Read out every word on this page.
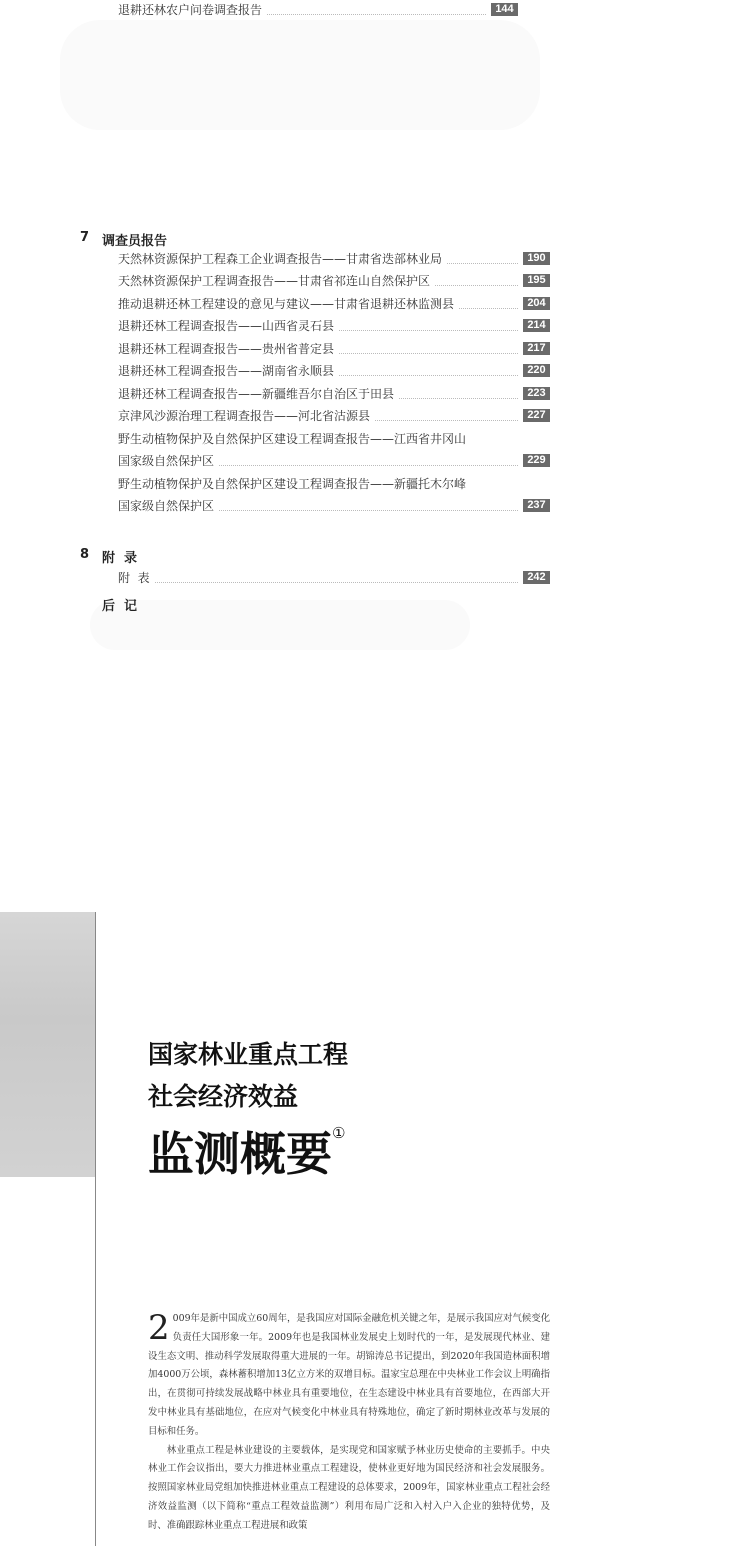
退耕还林农户问卷调查报告	144
7 调查员报告
天然林资源保护工程森工企业调查报告——甘肃省迭部林业局	190
天然林资源保护工程调查报告——甘肃省祁连山自然保护区	195
推动退耕还林工程建设的意见与建议——甘肃省退耕还林监测县	204
退耕还林工程调查报告——山西省灵石县	214
退耕还林工程调查报告——贵州省普定县	217
退耕还林工程调查报告——湖南省永顺县	220
退耕还林工程调查报告——新疆维吾尔自治区于田县	223
京津风沙源治理工程调查报告——河北省沽源县	227
野生动植物保护及自然保护区建设工程调查报告——江西省井冈山
国家级自然保护区	229
野生动植物保护及自然保护区建设工程调查报告——新疆托木尔峰
国家级自然保护区	237
8 附  录
附  表	242
后  记
国家林业重点工程
社会经济效益
监测概要①

2 009年是新中国成立60周年，是我国应对国际金融危机关键之年，是展示我国应对气候变化负责任大国形象一年。2009年也是我国林业发展史上划时代的一年，是发展现代林业、建设生态文明、推动科学发展取得重大进展的一年。胡锦涛总书记提出，到2020年我国造林面积增加4000万公顷，森林蓄积增加13亿立方米的双增目标。温家宝总理在中央林业工作会议上明确指出，在贯彻可持续发展战略中林业具有重要地位，在生态建设中林业具有首要地位，在西部大开发中林业具有基础地位，在应对气候变化中林业具有特殊地位，确定了新时期林业改革与发展的目标和任务。

林业重点工程是林业建设的主要载体，是实现党和国家赋予林业历史使命的主要抓手。中央林业工作会议指出，要大力推进林业重点工程建设，使林业更好地为国民经济和社会发展服务。按照国家林业局党组加快推进林业重点工程建设的总体要求，2009年，国家林业重点工程社会经济效益监测（以下简称“重点工程效益监测”）利用布局广泛和入村入户入企业的独特优势，及时、准确跟踪林业重点工程进展和政策
